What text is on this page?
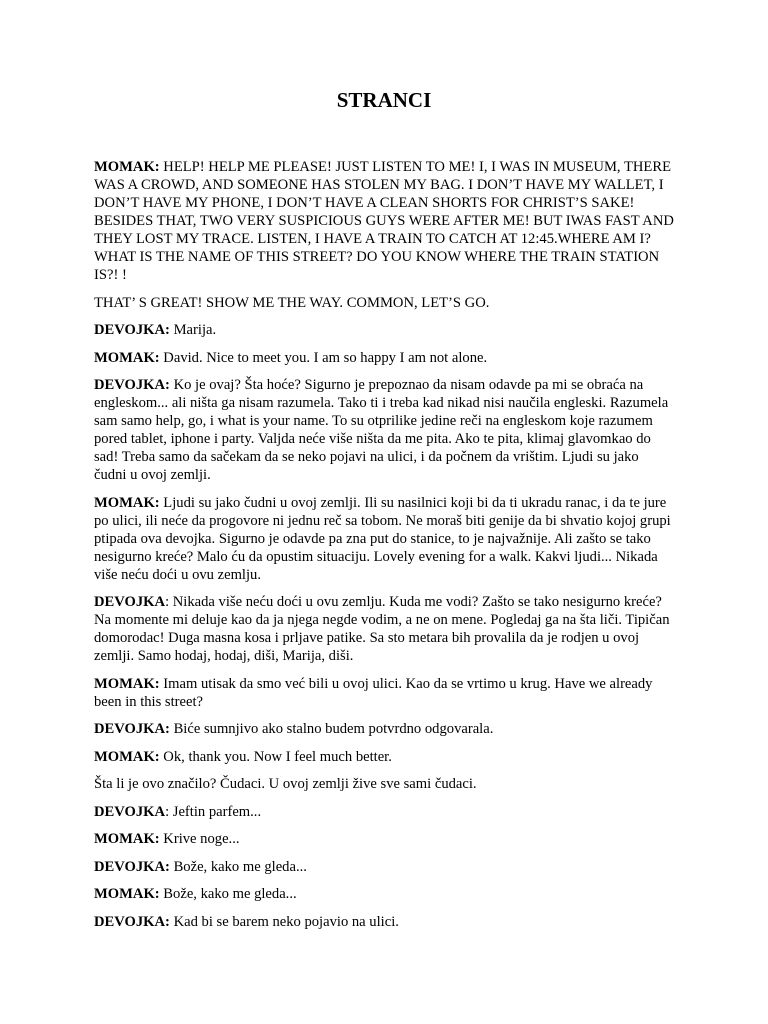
STRANCI

MOMAK: HELP! HELP ME PLEASE! JUST LISTEN TO ME! I, I WAS IN MUSEUM, THERE WAS A CROWD, AND SOMEONE HAS STOLEN MY BAG. I DON’T HAVE MY WALLET, I DON’T HAVE MY PHONE, I DON’T HAVE A CLEAN SHORTS FOR CHRIST’S SAKE! BESIDES THAT, TWO VERY SUSPICIOUS GUYS WERE AFTER ME! BUT IWAS FAST AND THEY LOST MY TRACE. LISTEN, I HAVE A TRAIN TO CATCH AT 12:45.WHERE AM I? WHAT IS THE NAME OF THIS STREET? DO YOU KNOW WHERE THE TRAIN STATION IS?! !

THAT’ S GREAT! SHOW ME THE WAY. COMMON, LET’S GO.

DEVOJKA: Marija.

MOMAK: David. Nice to meet you. I am so happy I am not alone.

DEVOJKA: Ko je ovaj? Šta hoće? Sigurno je prepoznao da nisam odavde pa mi se obraća na engleskom... ali ništa ga nisam razumela. Tako ti i treba kad nikad nisi naučila engleski. Razumela sam samo help, go, i what is your name. To su otprilike jedine reči na engleskom koje razumem pored tablet, iphone i party. Valjda neće više ništa da me pita. Ako te pita, klimaj glavomkao do sad! Treba samo da sačekam da se neko pojavi na ulici, i da počnem da vrištim. Ljudi su jako čudni u ovoj zemlji.

MOMAK: Ljudi su jako čudni u ovoj zemlji. Ili su nasilnici koji bi da ti ukradu ranac, i da te jure po ulici, ili neće da progovore ni jednu reč sa tobom. Ne moraš biti genije da bi shvatio kojoj grupi ptipada ova devojka. Sigurno je odavde pa zna put do stanice, to je najvažnije. Ali zašto se tako nesigurno kreće? Malo ću da opustim situaciju. Lovely evening for a walk. Kakvi ljudi... Nikada više neću doći u ovu zemlju.

DEVOJKA: Nikada više neću doći u ovu zemlju. Kuda me vodi? Zašto se tako nesigurno kreće?Na momente mi deluje kao da ja njega negde vodim, a ne on mene. Pogledaj ga na šta liči. Tipičan domorodac! Duga masna kosa i prljave patike. Sa sto metara bih provalila da je rodjen u ovoj zemlji. Samo hodaj, hodaj, diši, Marija, diši.

MOMAK: Imam utisak da smo već bili u ovoj ulici. Kao da se vrtimo u krug. Have we already been in this street?

DEVOJKA: Biće sumnjivo ako stalno budem potvrdno odgovarala.

MOMAK: Ok, thank you. Now I feel much better.

Šta li je ovo značilo? Čudaci. U ovoj zemlji žive sve sami čudaci.

DEVOJKA: Jeftin parfem...

MOMAK: Krive noge...

DEVOJKA: Bože, kako me gleda...

MOMAK: Bože, kako me gleda...

DEVOJKA: Kad bi se barem neko pojavio na ulici.
